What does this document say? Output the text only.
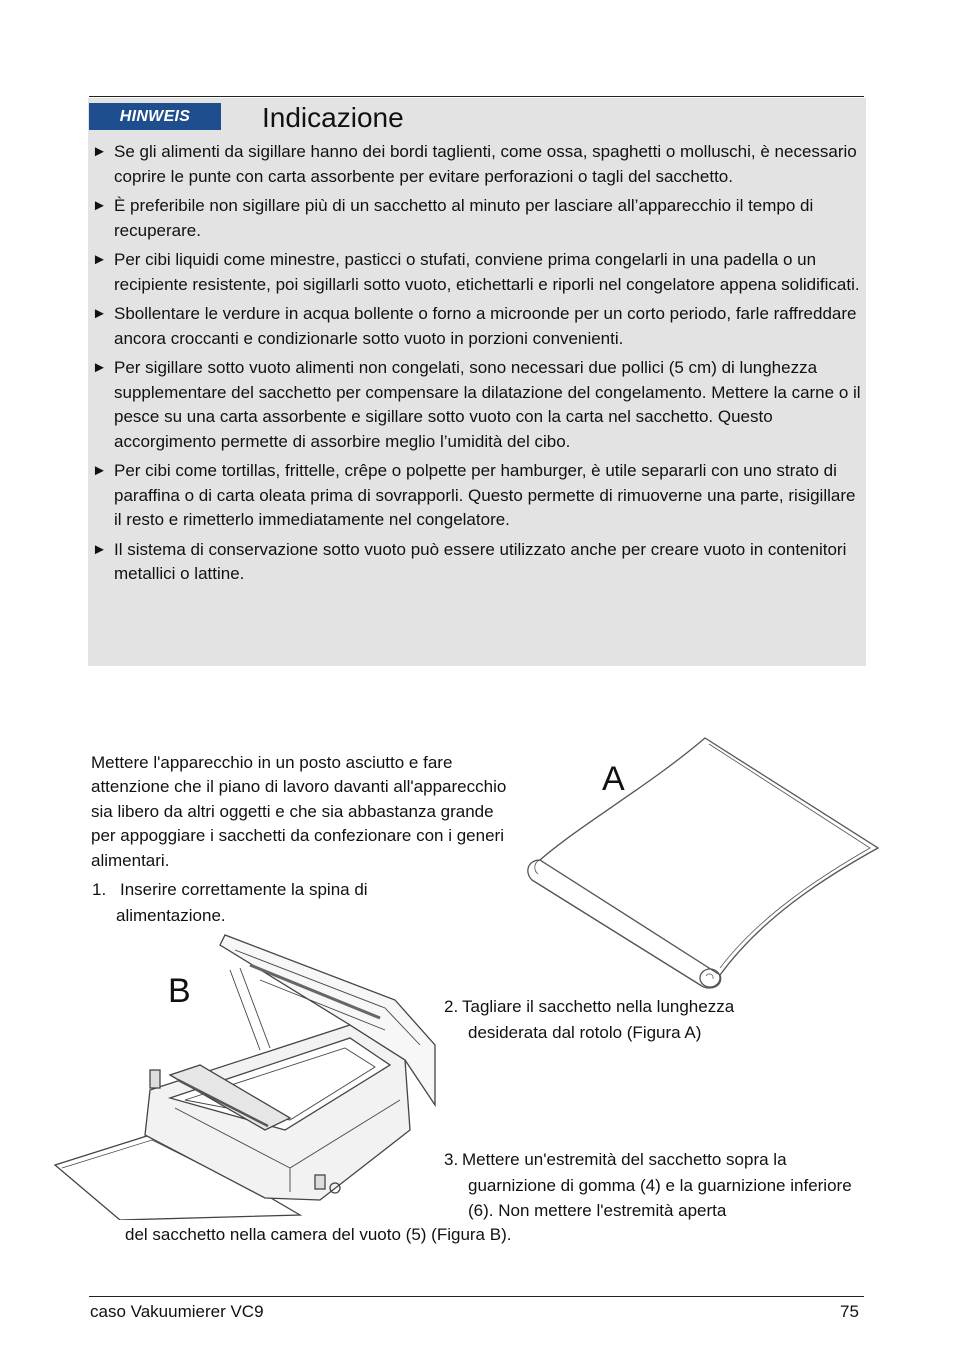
HINWEIS	Indicazione
► Se gli alimenti da sigillare hanno dei bordi taglienti, come ossa, spaghetti o molluschi, è necessario coprire le punte con carta assorbente per evitare perforazioni o tagli del sacchetto.
► È preferibile non sigillare più di un sacchetto al minuto per lasciare all’apparecchio il tempo di recuperare.
► Per cibi liquidi come minestre, pasticci o stufati, conviene prima congelarli in una padella o un recipiente resistente, poi sigillarli sotto vuoto, etichettarli e riporli nel congelatore appena solidificati.
► Sbollentare le verdure in acqua bollente o forno a microonde per un corto periodo, farle raffreddare ancora croccanti e condizionarle sotto vuoto in porzioni convenienti.
► Per sigillare sotto vuoto alimenti non congelati, sono necessari due pollici (5 cm) di lunghezza supplementare del sacchetto per compensare la dilatazione del congelamento. Mettere la carne o il pesce su una carta assorbente e sigillare sotto vuoto con la carta nel sacchetto. Questo accorgimento permette di assorbire meglio l’umidità del cibo.
► Per cibi come tortillas, frittelle, crêpe o polpette per hamburger, è utile separarli con uno strato di paraffina o di carta oleata prima di sovrapporli. Questo permette di rimuoverne una parte, risigillare il resto e rimetterlo immediatamente nel congelatore.
► Il sistema di conservazione sotto vuoto può essere utilizzato anche per creare vuoto in contenitori metallici o lattine.
Mettere l'apparecchio in un posto asciutto e fare attenzione che il piano di lavoro davanti all'apparecchio sia libero da altri oggetti e che sia abbastanza grande per appoggiare i sacchetti da confezionare con i generi alimentari.
1. Inserire correttamente la spina di
alimentazione.
2. Tagliare il sacchetto nella lunghezza
desiderata dal rotolo (Figura A)
3. Mettere un'estremità del sacchetto sopra la
guarnizione di gomma (4) e la guarnizione inferiore (6). Non mettere l'estremità aperta
del sacchetto nella camera del vuoto (5) (Figura B).
A
B
caso Vakuumierer VC9	75
